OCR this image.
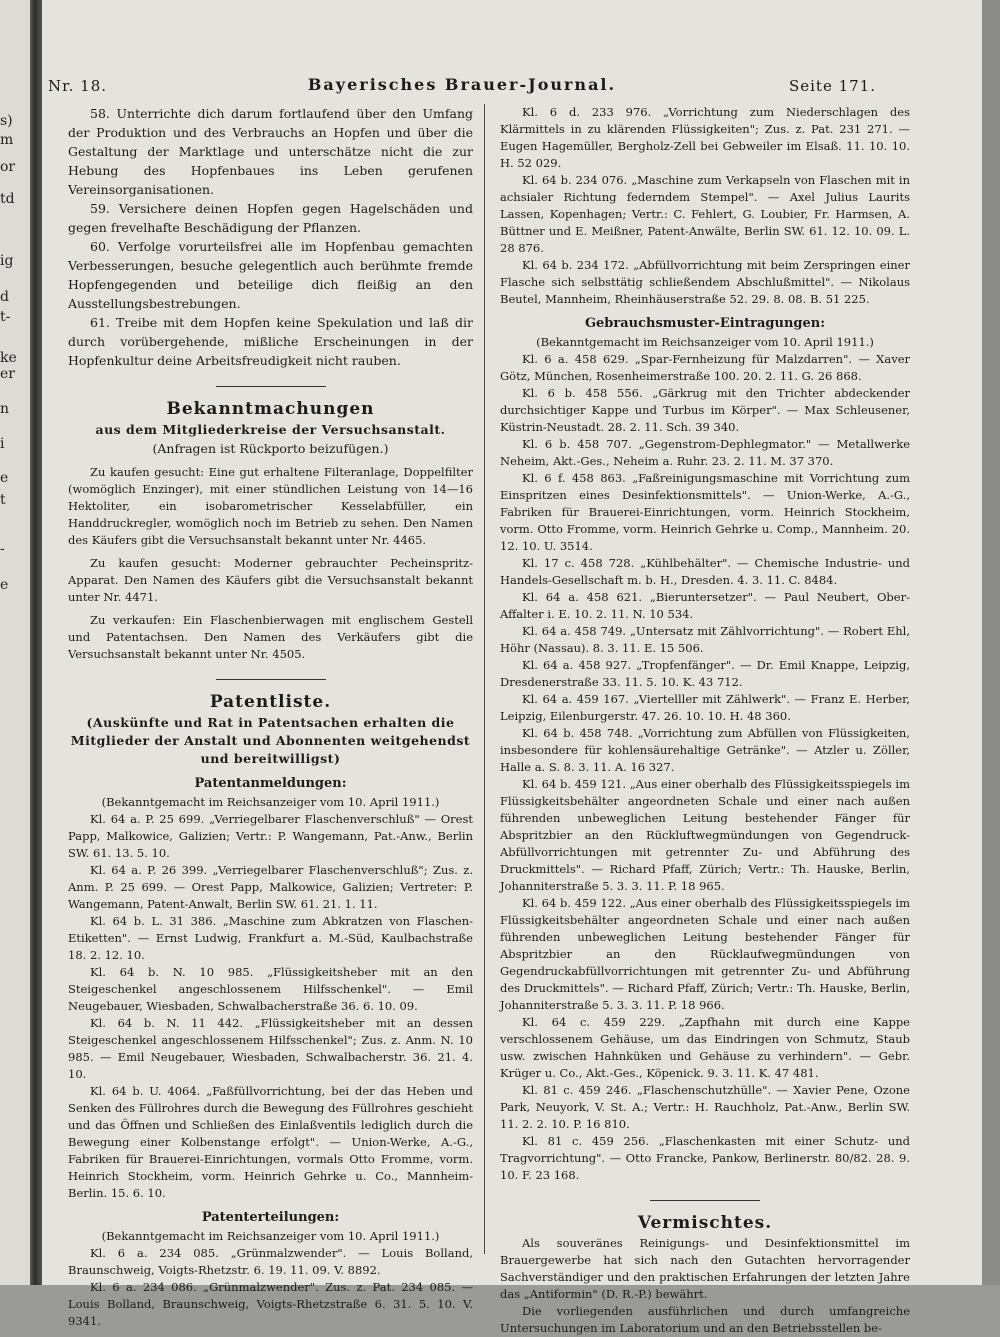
s)
m
or
td
ig
d
t-
ke
er
n
i
e
t
-
e
Nr. 18.	Bayerisches Brauer-Journal.	Seite 171.

58. Unterrichte dich darum fortlaufend über den Umfang der Produktion und des Verbrauchs an Hopfen und über die Gestaltung der Marktlage und unterschätze nicht die zur Hebung des Hopfenbaues ins Leben gerufenen Vereinsorganisationen.

59. Versichere deinen Hopfen gegen Hagelschäden und gegen frevelhafte Beschädigung der Pflanzen.

60. Verfolge vorurteilsfrei alle im Hopfenbau gemachten Verbesserungen, besuche gelegentlich auch berühmte fremde Hopfengegenden und beteilige dich fleißig an den Ausstellungsbestrebungen.

61. Treibe mit dem Hopfen keine Spekulation und laß dir durch vorübergehende, mißliche Erscheinungen in der Hopfenkultur deine Arbeitsfreudigkeit nicht rauben.

Bekanntmachungen
aus dem Mitgliederkreise der Versuchsanstalt.
(Anfragen ist Rückporto beizufügen.)

Zu kaufen gesucht: Eine gut erhaltene Filteranlage, Doppelfilter (womöglich Enzinger), mit einer stündlichen Leistung von 14—16 Hektoliter, ein isobarometrischer Kesselabfüller, ein Handdruckregler, womöglich noch im Betrieb zu sehen. Den Namen des Käufers gibt die Versuchsanstalt bekannt unter Nr. 4465.

Zu kaufen gesucht: Moderner gebrauchter Pecheinspritz-Apparat. Den Namen des Käufers gibt die Versuchsanstalt bekannt unter Nr. 4471.

Zu verkaufen: Ein Flaschenbierwagen mit englischem Gestell und Patentachsen. Den Namen des Verkäufers gibt die Versuchsanstalt bekannt unter Nr. 4505.

Patentliste.
(Auskünfte und Rat in Patentsachen erhalten die Mitglieder der Anstalt und Abonnenten weitgehendst und bereitwilligst)
Patentanmeldungen:
(Bekanntgemacht im Reichsanzeiger vom 10. April 1911.)

Kl. 64 a. P. 25 699. „Verriegelbarer Flaschenverschluß" — Orest Papp, Malkowice, Galizien; Vertr.: P. Wangemann, Pat.-Anw., Berlin SW. 61. 13. 5. 10.

Kl. 64 a. P. 26 399. „Verriegelbarer Flaschenverschluß"; Zus. z. Anm. P. 25 699. — Orest Papp, Malkowice, Galizien; Vertreter: P. Wangemann, Patent-Anwalt, Berlin SW. 61. 21. 1. 11.

Kl. 64 b. L. 31 386. „Maschine zum Abkratzen von Flaschen-Etiketten". — Ernst Ludwig, Frankfurt a. M.-Süd, Kaulbachstraße 18. 2. 12. 10.

Kl. 64 b. N. 10 985. „Flüssigkeitsheber mit an den Steigeschenkel angeschlossenem Hilfsschenkel". — Emil Neugebauer, Wiesbaden, Schwalbacherstraße 36. 6. 10. 09.

Kl. 64 b. N. 11 442. „Flüssigkeitsheber mit an dessen Steigeschenkel angeschlossenem Hilfsschenkel"; Zus. z. Anm. N. 10 985. — Emil Neugebauer, Wiesbaden, Schwalbacherstr. 36. 21. 4. 10.

Kl. 64 b. U. 4064. „Faßfüllvorrichtung, bei der das Heben und Senken des Füllrohres durch die Bewegung des Füllrohres geschieht und das Öffnen und Schließen des Einlaßventils lediglich durch die Bewegung einer Kolbenstange erfolgt". — Union-Werke, A.-G., Fabriken für Brauerei-Einrichtungen, vormals Otto Fromme, vorm. Heinrich Stockheim, vorm. Heinrich Gehrke u. Co., Mannheim-Berlin. 15. 6. 10.

Patenterteilungen:
(Bekanntgemacht im Reichsanzeiger vom 10. April 1911.)

Kl. 6 a. 234 085. „Grünmalzwender". — Louis Bolland, Braunschweig, Voigts-Rhetzstr. 6. 19. 11. 09. V. 8892.

Kl. 6 a. 234 086. „Grünmalzwender". Zus. z. Pat. 234 085. — Louis Bolland, Braunschweig, Voigts-Rhetzstraße 6. 31. 5. 10. V. 9341.

Kl. 6 d. 233 976. „Vorrichtung zum Niederschlagen des Klärmittels in zu klärenden Flüssigkeiten"; Zus. z. Pat. 231 271. — Eugen Hagemüller, Bergholz-Zell bei Gebweiler im Elsaß. 11. 10. 10. H. 52 029.

Kl. 64 b. 234 076. „Maschine zum Verkapseln von Flaschen mit in achsialer Richtung federndem Stempel". — Axel Julius Laurits Lassen, Kopenhagen; Vertr.: C. Fehlert, G. Loubier, Fr. Harmsen, A. Büttner und E. Meißner, Patent-Anwälte, Berlin SW. 61. 12. 10. 09. L. 28 876.

Kl. 64 b. 234 172. „Abfüllvorrichtung mit beim Zerspringen einer Flasche sich selbsttätig schließendem Abschlußmittel". — Nikolaus Beutel, Mannheim, Rheinhäuserstraße 52. 29. 8. 08. B. 51 225.

Gebrauchsmuster-Eintragungen:
(Bekanntgemacht im Reichsanzeiger vom 10. April 1911.)

Kl. 6 a. 458 629. „Spar-Fernheizung für Malzdarren". — Xaver Götz, München, Rosenheimerstraße 100. 20. 2. 11. G. 26 868.

Kl. 6 b. 458 556. „Gärkrug mit den Trichter abdeckender durchsichtiger Kappe und Turbus im Körper". — Max Schleusener, Küstrin-Neustadt. 28. 2. 11. Sch. 39 340.

Kl. 6 b. 458 707. „Gegenstrom-Dephlegmator." — Metallwerke Neheim, Akt.-Ges., Neheim a. Ruhr. 23. 2. 11. M. 37 370.

Kl. 6 f. 458 863. „Faßreinigungsmaschine mit Vorrichtung zum Einspritzen eines Desinfektionsmittels". — Union-Werke, A.-G., Fabriken für Brauerei-Einrichtungen, vorm. Heinrich Stockheim, vorm. Otto Fromme, vorm. Heinrich Gehrke u. Comp., Mannheim. 20. 12. 10. U. 3514.

Kl. 17 c. 458 728. „Kühlbehälter". — Chemische Industrie- und Handels-Gesellschaft m. b. H., Dresden. 4. 3. 11. C. 8484.

Kl. 64 a. 458 621. „Bieruntersetzer". — Paul Neubert, Ober-Affalter i. E. 10. 2. 11. N. 10 534.

Kl. 64 a. 458 749. „Untersatz mit Zählvorrichtung". — Robert Ehl, Höhr (Nassau). 8. 3. 11. E. 15 506.

Kl. 64 a. 458 927. „Tropfenfänger". — Dr. Emil Knappe, Leipzig, Dresdenerstraße 33. 11. 5. 10. K. 43 712.

Kl. 64 a. 459 167. „Viertelller mit Zählwerk". — Franz E. Herber, Leipzig, Eilenburgerstr. 47. 26. 10. 10. H. 48 360.

Kl. 64 b. 458 748. „Vorrichtung zum Abfüllen von Flüssigkeiten, insbesondere für kohlensäurehaltige Getränke". — Atzler u. Zöller, Halle a. S. 8. 3. 11. A. 16 327.

Kl. 64 b. 459 121. „Aus einer oberhalb des Flüssigkeitsspiegels im Flüssigkeitsbehälter angeordneten Schale und einer nach außen führenden unbeweglichen Leitung bestehender Fänger für Abspritzbier an den Rückluftwegmündungen von Gegendruck-Abfüllvorrichtungen mit getrennter Zu- und Abführung des Druckmittels". — Richard Pfaff, Zürich; Vertr.: Th. Hauske, Berlin, Johanniterstraße 5. 3. 3. 11. P. 18 965.

Kl. 64 b. 459 122. „Aus einer oberhalb des Flüssigkeitsspiegels im Flüssigkeitsbehälter angeordneten Schale und einer nach außen führenden unbeweglichen Leitung bestehender Fänger für Abspritzbier an den Rücklaufwegmündungen von Gegendruckabfüllvorrichtungen mit getrennter Zu- und Abführung des Druckmittels". — Richard Pfaff, Zürich; Vertr.: Th. Hauske, Berlin, Johanniterstraße 5. 3. 3. 11. P. 18 966.

Kl. 64 c. 459 229. „Zapfhahn mit durch eine Kappe verschlossenem Gehäuse, um das Eindringen von Schmutz, Staub usw. zwischen Hahnküken und Gehäuse zu verhindern". — Gebr. Krüger u. Co., Akt.-Ges., Köpenick. 9. 3. 11. K. 47 481.

Kl. 81 c. 459 246. „Flaschenschutzhülle". — Xavier Pene, Ozone Park, Neuyork, V. St. A.; Vertr.: H. Rauchholz, Pat.-Anw., Berlin SW. 11. 2. 2. 10. P. 16 810.

Kl. 81 c. 459 256. „Flaschenkasten mit einer Schutz- und Tragvorrichtung". — Otto Francke, Pankow, Berlinerstr. 80/82. 28. 9. 10. F. 23 168.

Vermischtes.

Als souveränes Reinigungs- und Desinfektionsmittel im Brauergewerbe hat sich nach den Gutachten hervorragender Sachverständiger und den praktischen Erfahrungen der letzten Jahre das „Antiformin" (D. R.-P.) bewährt.

Die vorliegenden ausführlichen und durch umfangreiche Untersuchungen im Laboratorium und an den Betriebsstellen be-
